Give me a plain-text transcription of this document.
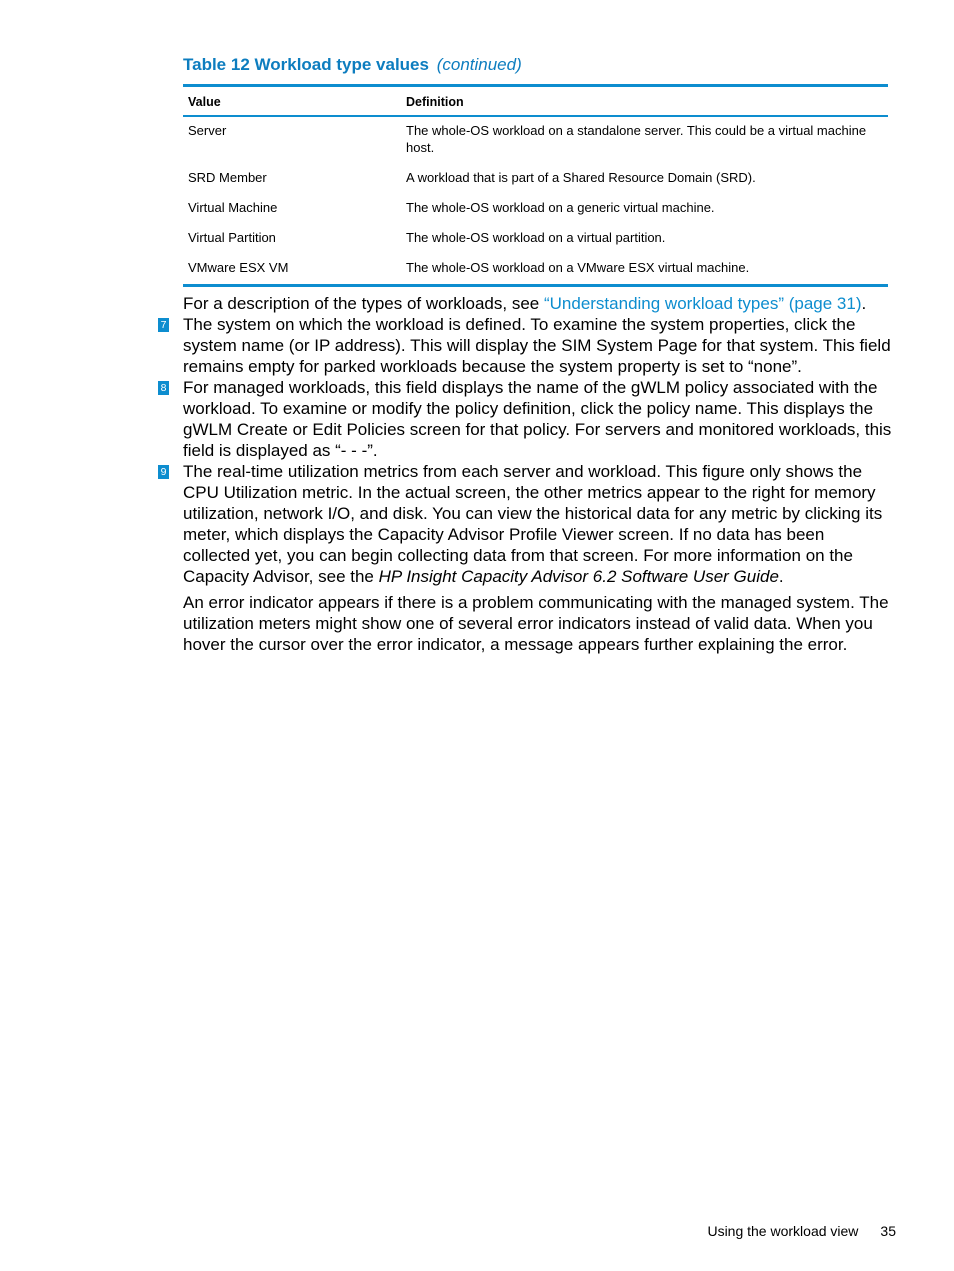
Table 12 Workload type values (continued)
Value	Definition
Server	The whole-OS workload on a standalone server. This could be a virtual machine host.
SRD Member	A workload that is part of a Shared Resource Domain (SRD).
Virtual Machine	The whole-OS workload on a generic virtual machine.
Virtual Partition	The whole-OS workload on a virtual partition.
VMware ESX VM	The whole-OS workload on a VMware ESX virtual machine.
For a description of the types of workloads, see “Understanding workload types” (page 31).
7 The system on which the workload is defined. To examine the system properties, click the system name (or IP address). This will display the SIM System Page for that system. This field remains empty for parked workloads because the system property is set to “none”.
8 For managed workloads, this field displays the name of the gWLM policy associated with the workload. To examine or modify the policy definition, click the policy name. This displays the gWLM Create or Edit Policies screen for that policy. For servers and monitored workloads, this field is displayed as “- - -”.
9 The real-time utilization metrics from each server and workload. This figure only shows the CPU Utilization metric. In the actual screen, the other metrics appear to the right for memory utilization, network I/O, and disk. You can view the historical data for any metric by clicking its meter, which displays the Capacity Advisor Profile Viewer screen. If no data has been collected yet, you can begin collecting data from that screen. For more information on the Capacity Advisor, see the HP Insight Capacity Advisor 6.2 Software User Guide.
An error indicator appears if there is a problem communicating with the managed system. The utilization meters might show one of several error indicators instead of valid data. When you hover the cursor over the error indicator, a message appears further explaining the error.
Using the workload view 35
